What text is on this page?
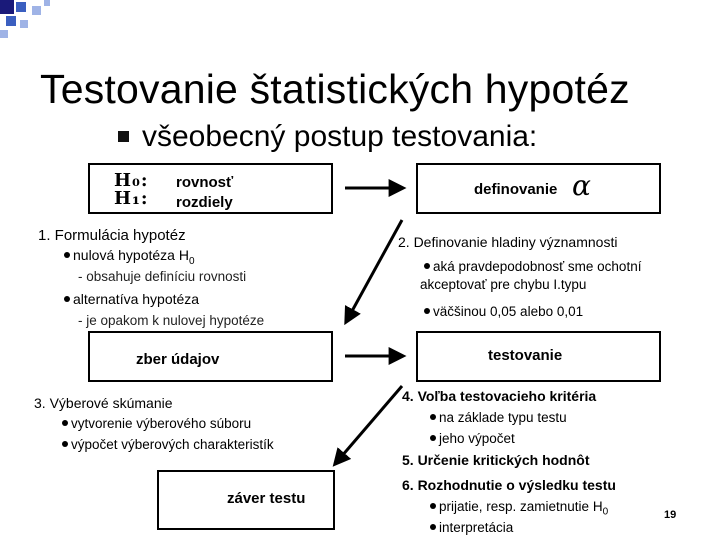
Testovanie štatistických hypotéz
všeobecný postup testovania:
H₀:
H₁:
rovnosť
rozdiely
definovanie α
1. Formulácia hypotéz
nulová hypotéza $H_0$
- obsahuje definíciu rovnosti
alternatíva hypotéza
- je opakom k nulovej hypotéze
2. Definovanie hladiny významnosti
aká pravdepodobnosť sme ochotní
akceptovať pre chybu I.typu
väčšinou 0,05 alebo 0,01
zber údajov	testovanie
3. Výberové skúmanie
vytvorenie výberového súboru
výpočet výberových charakteristík
4. Voľba testovacieho kritéria
na základe typu testu
jeho výpočet
5. Určenie kritických hodnôt
6. Rozhodnutie o výsledku testu
prijatie, resp. zamietnutie $H_0$
interpretácia
záver testu
19
